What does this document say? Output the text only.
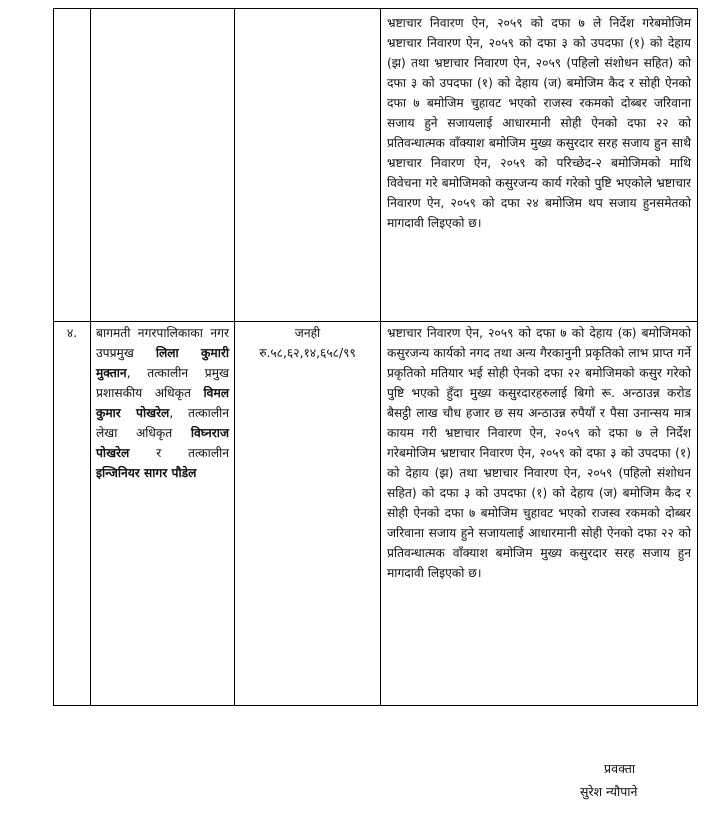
			भ्रष्टाचार निवारण ऐन, २०५९ को दफा ७ ले निर्देश गरेबमोजिम भ्रष्टाचार निवारण ऐन, २०५९ को दफा ३ को उपदफा (१) को देहाय (झ) तथा भ्रष्टाचार निवारण ऐन, २०५९ (पहिलो संशोधन सहित) को दफा ३ को उपदफा (१) को देहाय (ज) बमोजिम कैद र सोही ऐनको दफा ७ बमोजिम चुहावट भएको राजस्व रकमको दोब्बर जरिवाना सजाय हुने सजायलाई आधारमानी सोही ऐनको दफा २२ को प्रतिवन्धात्मक वाँक्याश बमोजिम मुख्य कसुरदार सरह सजाय हुन साथै भ्रष्टाचार निवारण ऐन, २०५९ को परिच्छेद-२ बमोजिमको माथि विवेचना गरे बमोजिमको कसुरजन्य कार्य गरेको पुष्टि भएकोले भ्रष्टाचार निवारण ऐन, २०५९ को दफा २४ बमोजिम थप सजाय हुनसमेतको मागदावी लिइएको छ।
४.	बागमती नगरपालिकाका नगर उपप्रमुख लिला कुमारी मुक्तान, तत्कालीन प्रमुख प्रशासकीय अधिकृत विमल कुमार पोखरेल, तत्कालीन लेखा अधिकृत विघ्नराज पोखरेल र तत्कालीन इन्जिनियर सागर पौडेल	जनही
रु.५८,६२,१४,६५८/९९	भ्रष्टाचार निवारण ऐन, २०५९ को दफा ७ को देहाय (क) बमोजिमको कसुरजन्य कार्यको नगद तथा अन्य गैरकानुनी प्रकृतिको लाभ प्राप्त गर्ने प्रकृतिको मतियार भई सोही ऐनको दफा २२ बमोजिमको कसुर गरेको पुष्टि भएको हुँदा मुख्य कसुरदारहरुलाई बिगो रू. अन्ठाउन्न करोड बैसट्ठी लाख चौध हजार छ सय अन्ठाउन्न रुपैयाँ र पैसा उनान्सय मात्र कायम गरी भ्रष्टाचार निवारण ऐन, २०५९ को दफा ७ ले निर्देश गरेबमोजिम भ्रष्टाचार निवारण ऐन, २०५९ को दफा ३ को उपदफा (१) को देहाय (झ) तथा भ्रष्टाचार निवारण ऐन, २०५९ (पहिलो संशोधन सहित) को दफा ३ को उपदफा (१) को देहाय (ज) बमोजिम कैद र सोही ऐनको दफा ७ बमोजिम चुहावट भएको राजस्व रकमको दोब्बर जरिवाना सजाय हुने सजायलाई आधारमानी सोही ऐनको दफा २२ को प्रतिवन्धात्मक वाँक्याश बमोजिम मुख्य कसुरदार सरह सजाय हुन मागदावी लिइएको छ।
प्रवक्ता
सुरेश न्यौपाने
